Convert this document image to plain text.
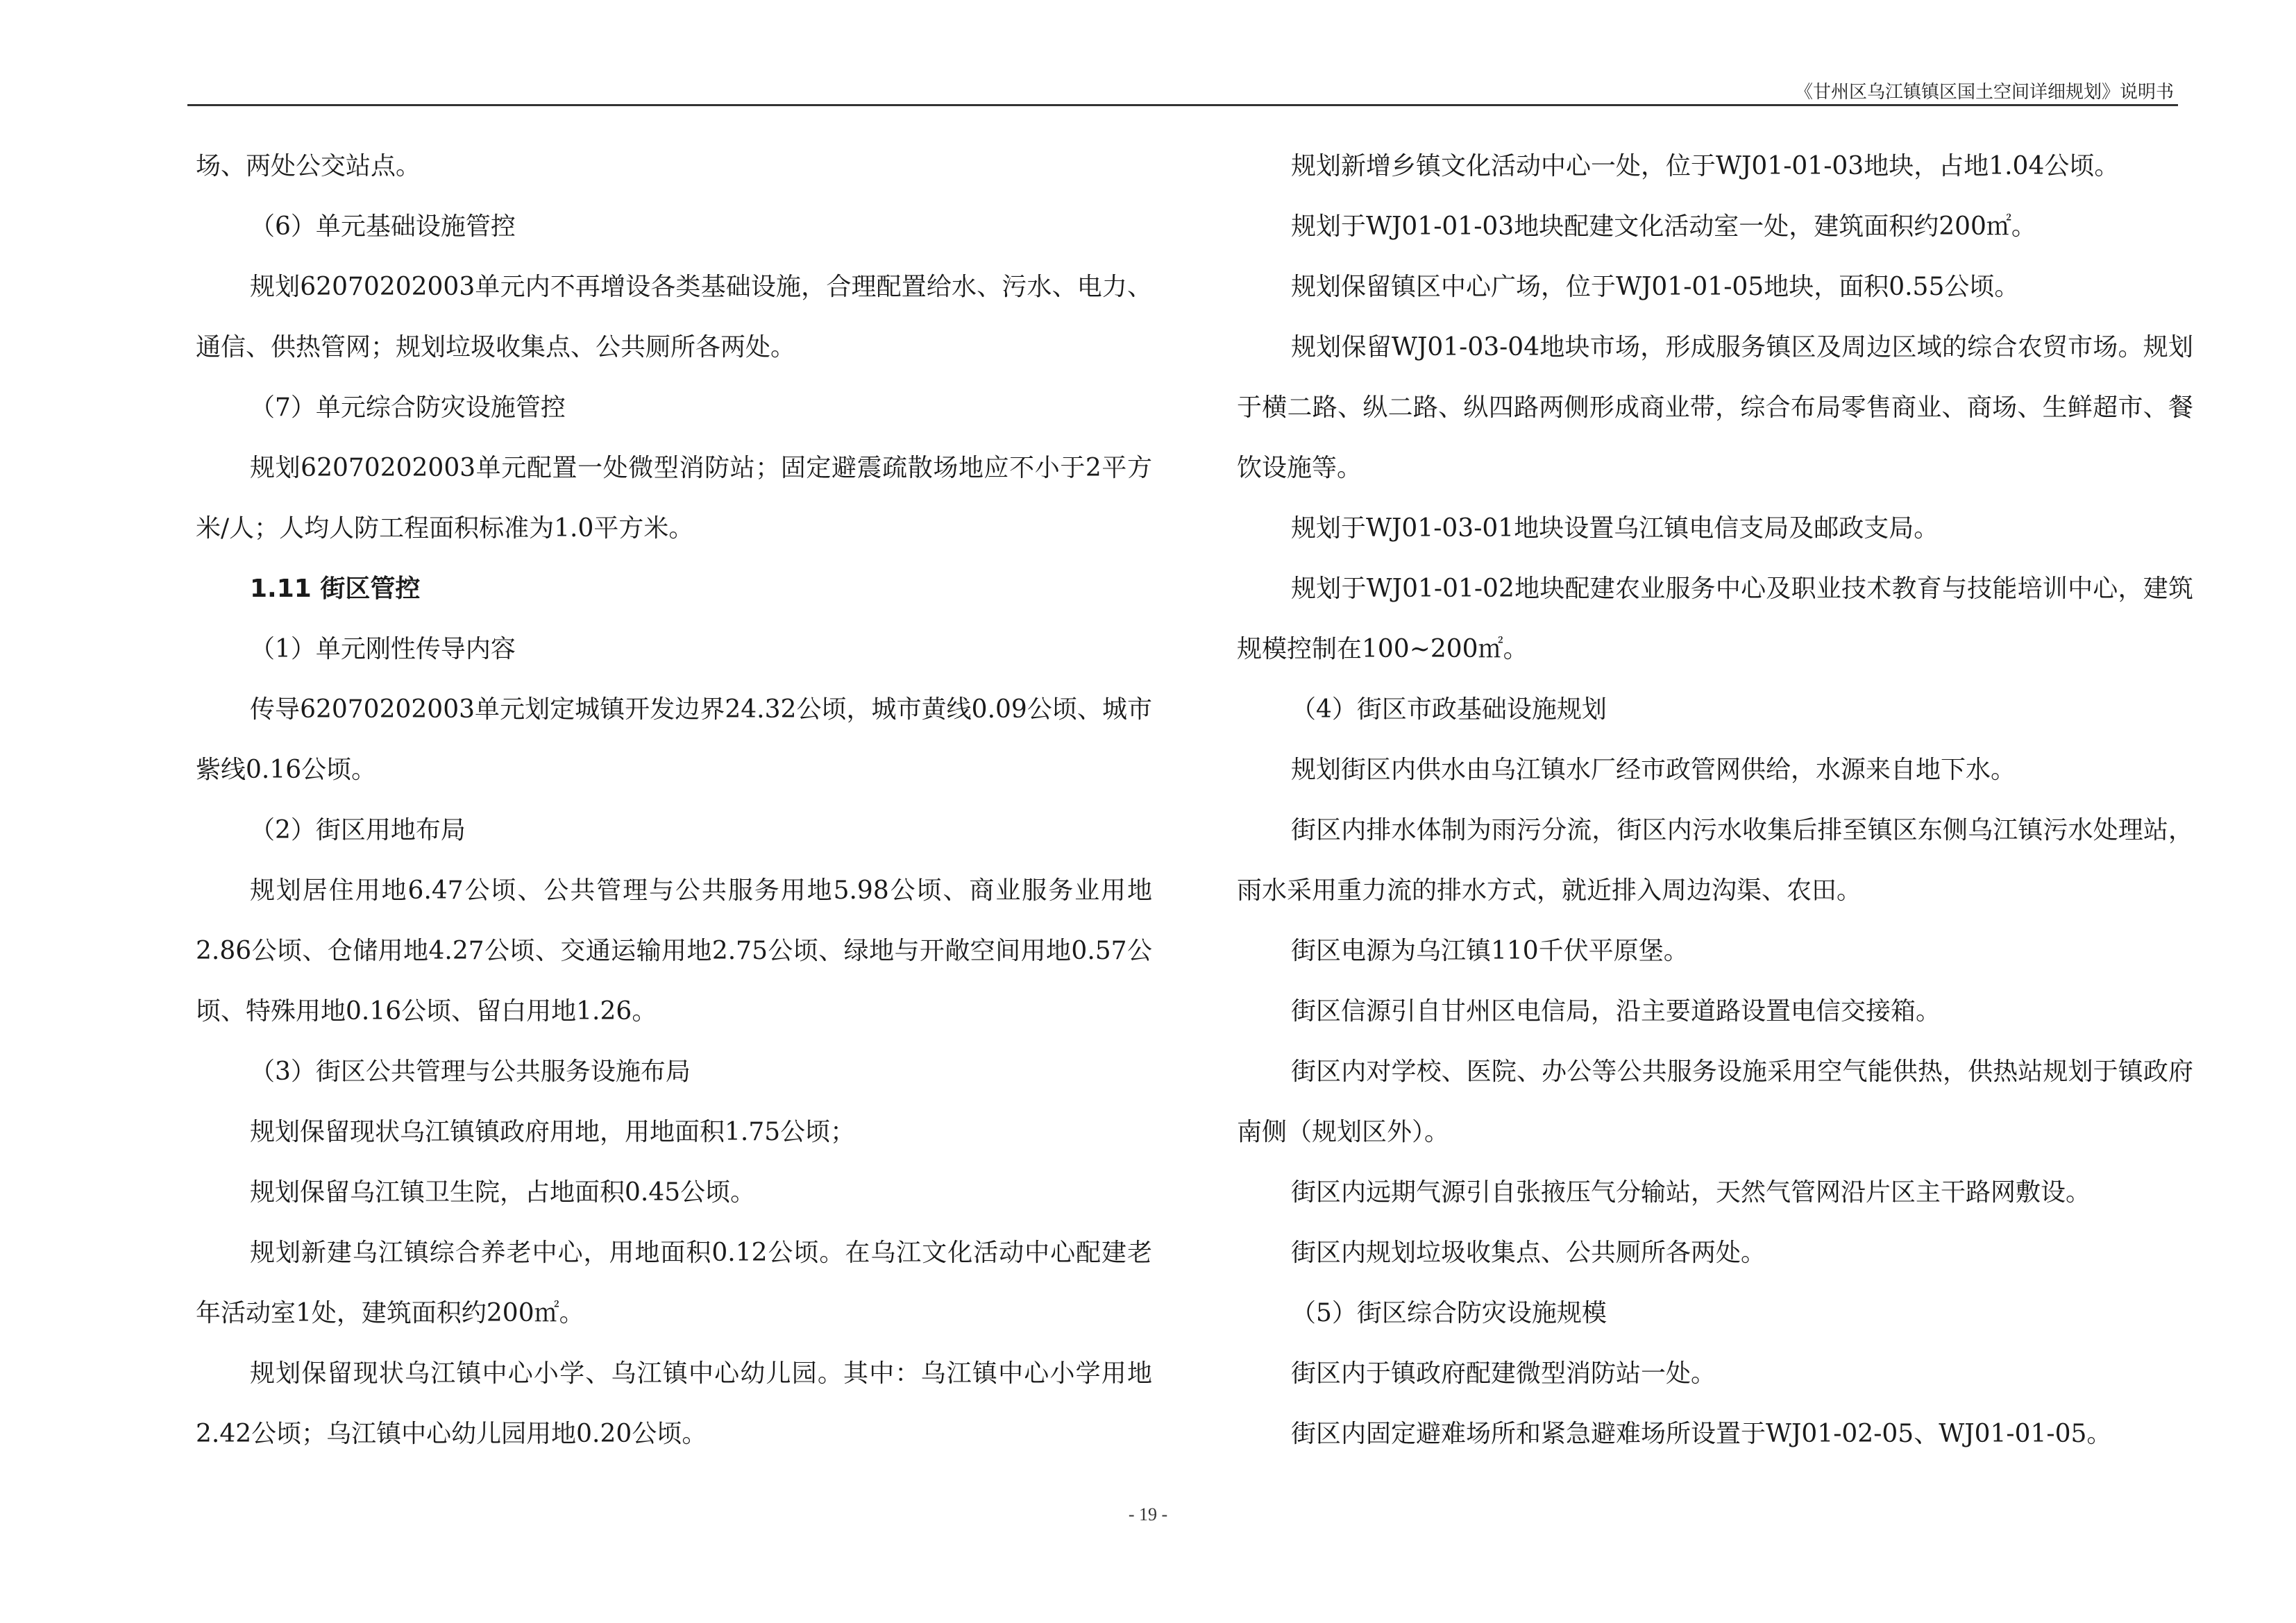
《甘州区乌江镇镇区国土空间详细规划》说明书

场、两处公交站点。

（6）单元基础设施管控

规划62070202003单元内不再增设各类基础设施，合理配置给水、污水、电力、通信、供热管网；规划垃圾收集点、公共厕所各两处。

（7）单元综合防灾设施管控

规划62070202003单元配置一处微型消防站；固定避震疏散场地应不小于2平方米/人；人均人防工程面积标准为1.0平方米。

1.11 街区管控

（1）单元刚性传导内容

传导62070202003单元划定城镇开发边界24.32公顷，城市黄线0.09公顷、城市紫线0.16公顷。

（2）街区用地布局

规划居住用地6.47公顷、公共管理与公共服务用地5.98公顷、商业服务业用地2.86公顷、仓储用地4.27公顷、交通运输用地2.75公顷、绿地与开敞空间用地0.57公顷、特殊用地0.16公顷、留白用地1.26。

（3）街区公共管理与公共服务设施布局

规划保留现状乌江镇镇政府用地，用地面积1.75公顷；

规划保留乌江镇卫生院，占地面积0.45公顷。

规划新建乌江镇综合养老中心，用地面积0.12公顷。在乌江文化活动中心配建老年活动室1处，建筑面积约200㎡。

规划保留现状乌江镇中心小学、乌江镇中心幼儿园。其中：乌江镇中心小学用地2.42公顷；乌江镇中心幼儿园用地0.20公顷。

规划新增乡镇文化活动中心一处，位于WJ01-01-03地块，占地1.04公顷。

规划于WJ01-01-03地块配建文化活动室一处，建筑面积约200㎡。

规划保留镇区中心广场，位于WJ01-01-05地块，面积0.55公顷。

规划保留WJ01-03-04地块市场，形成服务镇区及周边区域的综合农贸市场。规划于横二路、纵二路、纵四路两侧形成商业带，综合布局零售商业、商场、生鲜超市、餐饮设施等。

规划于WJ01-03-01地块设置乌江镇电信支局及邮政支局。

规划于WJ01-01-02地块配建农业服务中心及职业技术教育与技能培训中心，建筑规模控制在100~200㎡。

（4）街区市政基础设施规划

规划街区内供水由乌江镇水厂经市政管网供给，水源来自地下水。

街区内排水体制为雨污分流，街区内污水收集后排至镇区东侧乌江镇污水处理站，雨水采用重力流的排水方式，就近排入周边沟渠、农田。

街区电源为乌江镇110千伏平原堡。

街区信源引自甘州区电信局，沿主要道路设置电信交接箱。

街区内对学校、医院、办公等公共服务设施采用空气能供热，供热站规划于镇政府南侧（规划区外）。

街区内远期气源引自张掖压气分输站，天然气管网沿片区主干路网敷设。

街区内规划垃圾收集点、公共厕所各两处。

（5）街区综合防灾设施规模

街区内于镇政府配建微型消防站一处。

街区内固定避难场所和紧急避难场所设置于WJ01-02-05、WJ01-01-05。

- 19 -
